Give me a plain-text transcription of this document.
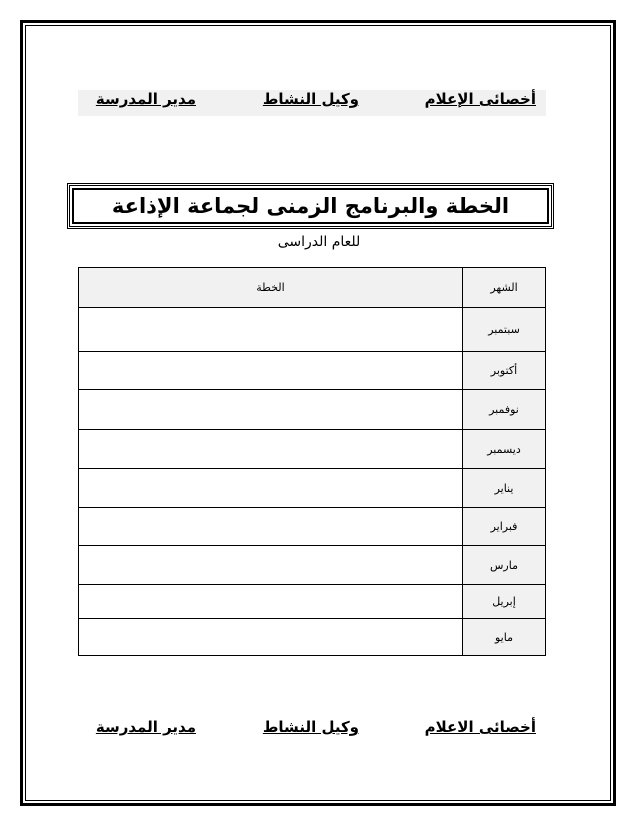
أخصائى الإعلام
وكيل النشاط
مدير المدرسة
الخطة والبرنامج الزمنى لجماعة الإذاعة
للعام الدراسى
الشهر	الخطة
سبتمبر	
أكتوبر	
نوفمبر	
ديسمبر	
يناير	
فبراير	
مارس	
إبريل	
مايو	
أخصائى الاعلام
وكيل النشاط
مدير المدرسة
